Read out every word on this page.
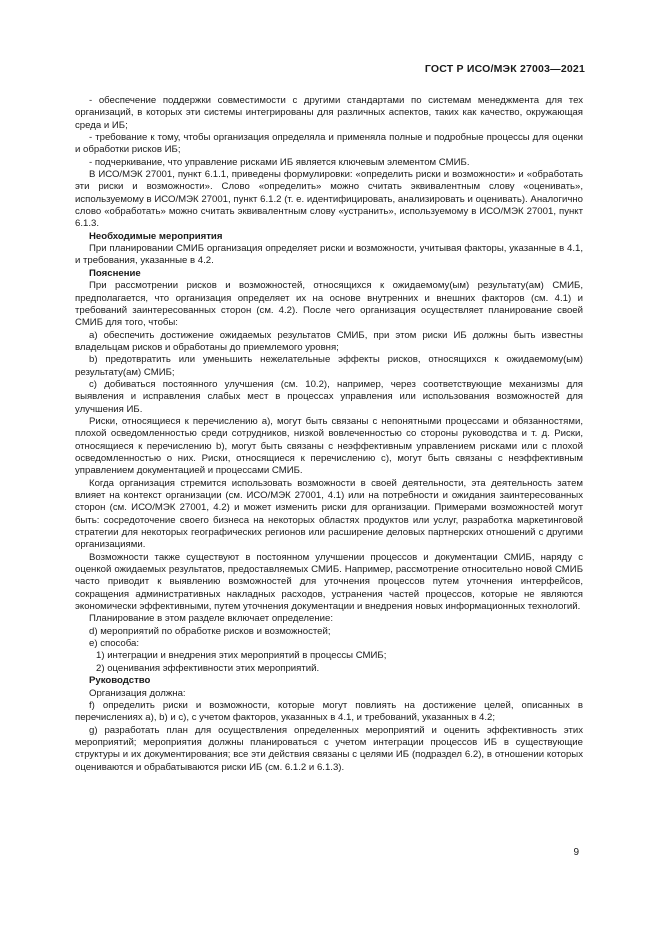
ГОСТ Р ИСО/МЭК 27003—2021

- обеспечение поддержки совместимости с другими стандартами по системам менеджмента для тех организаций, в которых эти системы интегрированы для различных аспектов, таких как качество, окружающая среда и ИБ;

- требование к тому, чтобы организация определяла и применяла полные и подробные процессы для оценки и обработки рисков ИБ;

- подчеркивание, что управление рисками ИБ является ключевым элементом СМИБ.

В ИСО/МЭК 27001, пункт 6.1.1, приведены формулировки: «определить риски и возможности» и «обработать эти риски и возможности». Слово «определить» можно считать эквивалентным слову «оценивать», используемому в ИСО/МЭК 27001, пункт 6.1.2 (т. е. идентифицировать, анализировать и оценивать). Аналогично слово «обработать» можно считать эквивалентным слову «устранить», используемому в ИСО/МЭК 27001, пункт 6.1.3.

Необходимые мероприятия

При планировании СМИБ организация определяет риски и возможности, учитывая факторы, указанные в 4.1, и требования, указанные в 4.2.

Пояснение

При рассмотрении рисков и возможностей, относящихся к ожидаемому(ым) результату(ам) СМИБ, предполагается, что организация определяет их на основе внутренних и внешних факторов (см. 4.1) и требований заинтересованных сторон (см. 4.2). После чего организация осуществляет планирование своей СМИБ для того, чтобы:

a) обеспечить достижение ожидаемых результатов СМИБ, при этом риски ИБ должны быть известны владельцам рисков и обработаны до приемлемого уровня;

b) предотвратить или уменьшить нежелательные эффекты рисков, относящихся к ожидаемому(ым) результату(ам) СМИБ;

c) добиваться постоянного улучшения (см. 10.2), например, через соответствующие механизмы для выявления и исправления слабых мест в процессах управления или использования возможностей для улучшения ИБ.

Риски, относящиеся к перечислению a), могут быть связаны с непонятными процессами и обязанностями, плохой осведомленностью среди сотрудников, низкой вовлеченностью со стороны руководства и т. д. Риски, относящиеся к перечислению b), могут быть связаны с неэффективным управлением рисками или с плохой осведомленностью о них. Риски, относящиеся к перечислению c), могут быть связаны с неэффективным управлением документацией и процессами СМИБ.

Когда организация стремится использовать возможности в своей деятельности, эта деятельность затем влияет на контекст организации (см. ИСО/МЭК 27001, 4.1) или на потребности и ожидания заинтересованных сторон (см. ИСО/МЭК 27001, 4.2) и может изменить риски для организации. Примерами возможностей могут быть: сосредоточение своего бизнеса на некоторых областях продуктов или услуг, разработка маркетинговой стратегии для некоторых географических регионов или расширение деловых партнерских отношений с другими организациями.

Возможности также существуют в постоянном улучшении процессов и документации СМИБ, наряду с оценкой ожидаемых результатов, предоставляемых СМИБ. Например, рассмотрение относительно новой СМИБ часто приводит к выявлению возможностей для уточнения процессов путем уточнения интерфейсов, сокращения административных накладных расходов, устранения частей процессов, которые не являются экономически эффективными, путем уточнения документации и внедрения новых информационных технологий.

Планирование в этом разделе включает определение:

d) мероприятий по обработке рисков и возможностей;

e) способа:

1) интеграции и внедрения этих мероприятий в процессы СМИБ;

2) оценивания эффективности этих мероприятий.

Руководство

Организация должна:

f) определить риски и возможности, которые могут повлиять на достижение целей, описанных в перечислениях a), b) и c), с учетом факторов, указанных в 4.1, и требований, указанных в 4.2;

g) разработать план для осуществления определенных мероприятий и оценить эффективность этих мероприятий; мероприятия должны планироваться с учетом интеграции процессов ИБ в существующие структуры и их документирования; все эти действия связаны с целями ИБ (подраздел 6.2), в отношении которых оцениваются и обрабатываются риски ИБ (см. 6.1.2 и 6.1.3).

9
